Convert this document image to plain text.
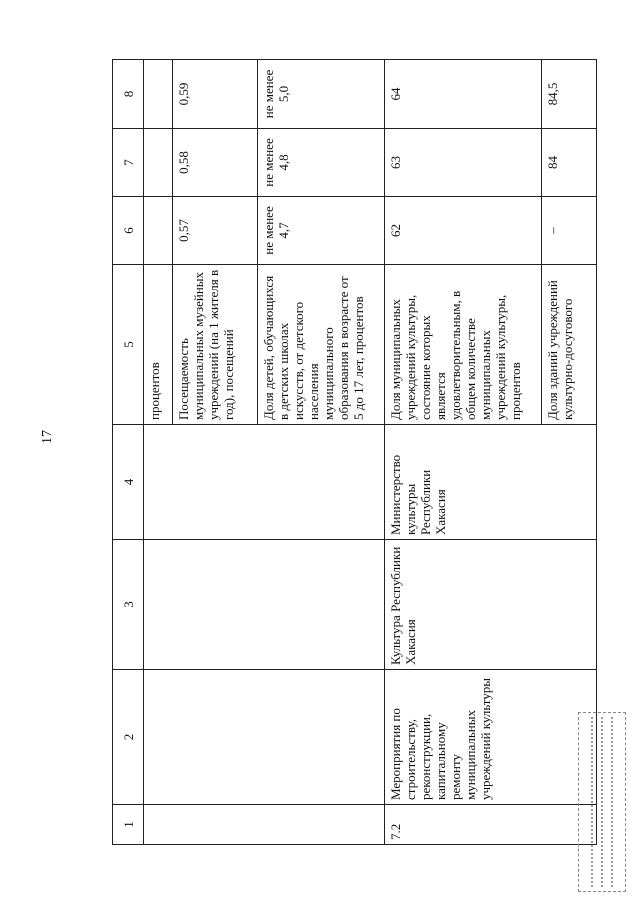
17
1	2	3	4	5	6	7	8
				процентов			
				Посещаемость муниципальных музейных учреждений (на 1 жителя в год), посещений	0,57	0,58	0,59
				Доля детей, обучающихся в детских школах искусств, от детского населения муниципального образования в возрасте от 5 до 17 лет, процентов	не менее 4,7	не менее 4,8	не менее 5,0
7.2	Мероприятия по строительству, реконструкции, капитальному ремонту муниципальных учреждений культуры	Культура Республики Хакасия	Министерство культуры Республики Хакасия	Доля муниципальных учреждений культуры, состояние которых является удовлетворительным, в общем количестве муниципальных учреждений культуры, процентов	62	63	64
				Доля зданий учреждений культурно-досугового	–	84	84,5
